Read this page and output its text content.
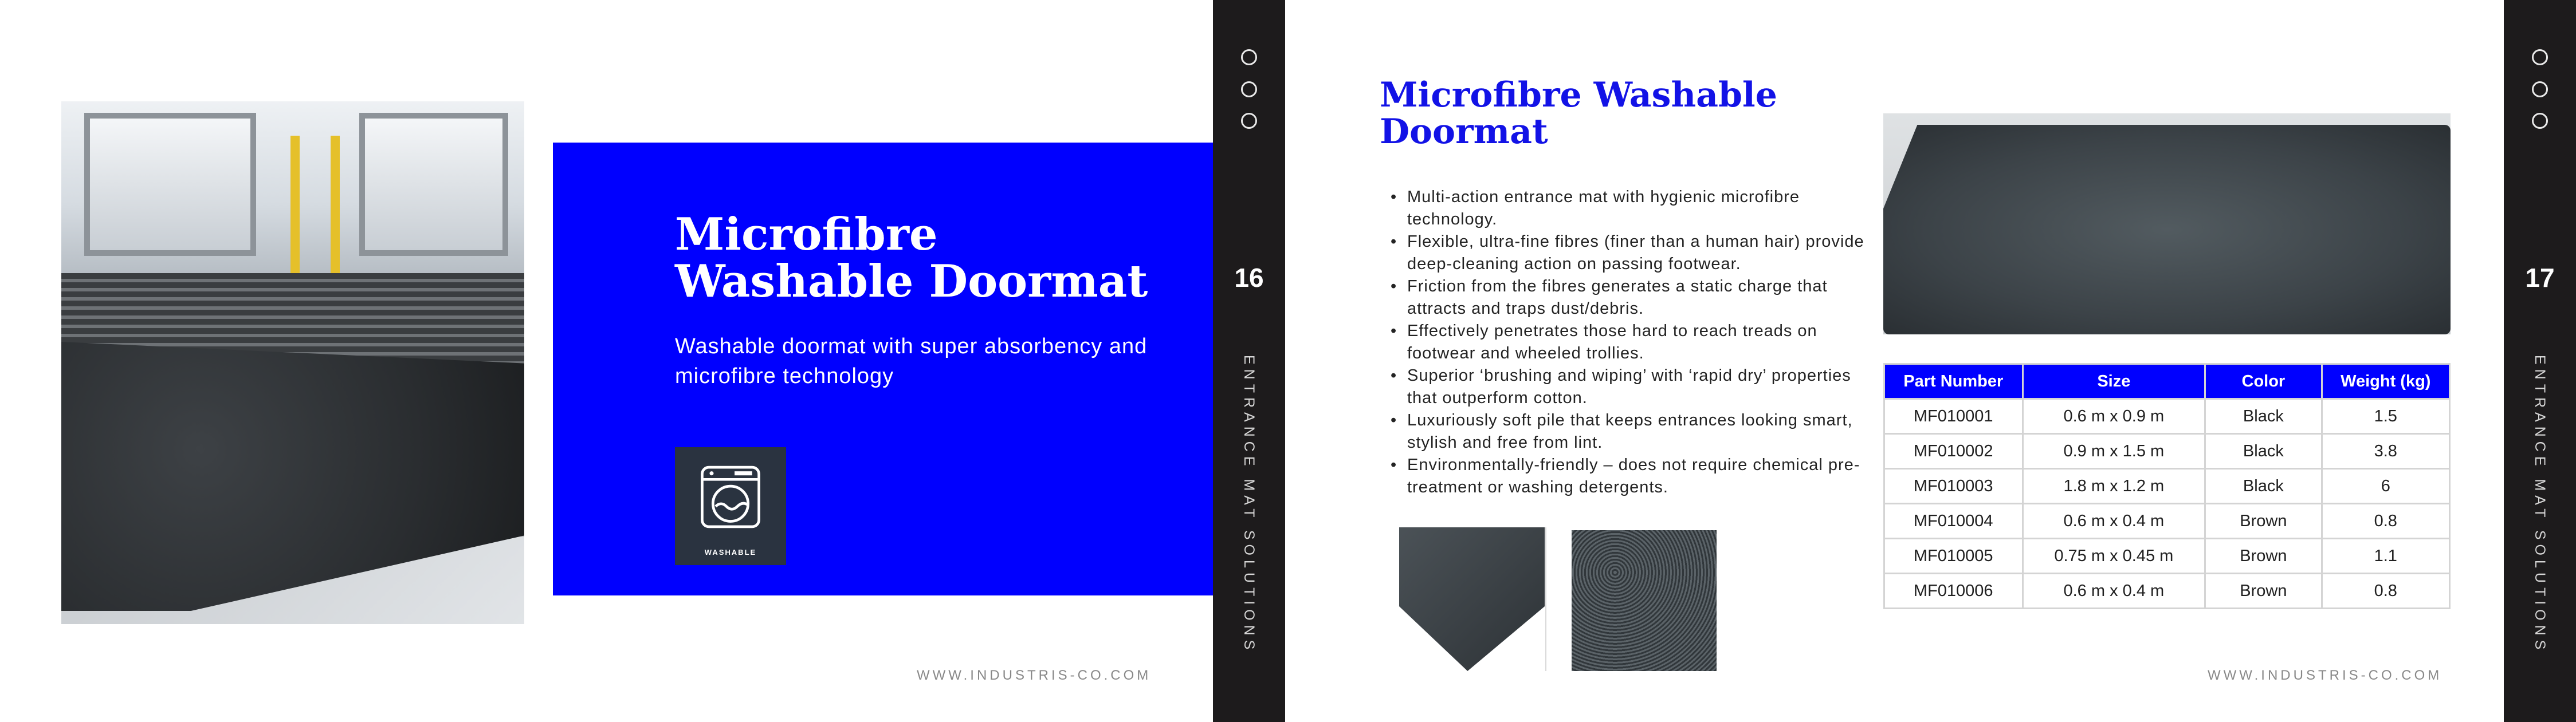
Microfibre Washable Doormat
Washable doormat with super absorbency and microfibre technology
WASHABLE
WWW.INDUSTRIS-CO.COM
16
ENTRANCE MAT SOLUTIONS
Microfibre Washable Doormat
• Multi-action entrance mat with hygienic microfibre technology.
• Flexible, ultra-fine fibres (finer than a human hair) provide deep-cleaning action on passing footwear.
• Friction from the fibres generates a static charge that attracts and traps dust/debris.
• Effectively penetrates those hard to reach treads on footwear and wheeled trollies.
• Superior ‘brushing and wiping’ with ‘rapid dry’ properties that outperform cotton.
• Luxuriously soft pile that keeps entrances looking smart, stylish and free from lint.
• Environmentally-friendly – does not require chemical pre-treatment or washing detergents.
Part Number	Size	Color	Weight (kg)
MF010001	0.6 m x 0.9 m	Black	1.5
MF010002	0.9 m x 1.5 m	Black	3.8
MF010003	1.8 m x 1.2 m	Black	6
MF010004	0.6 m x 0.4 m	Brown	0.8
MF010005	0.75 m x 0.45 m	Brown	1.1
MF010006	0.6 m x 0.4 m	Brown	0.8
WWW.INDUSTRIS-CO.COM
17
ENTRANCE MAT SOLUTIONS
